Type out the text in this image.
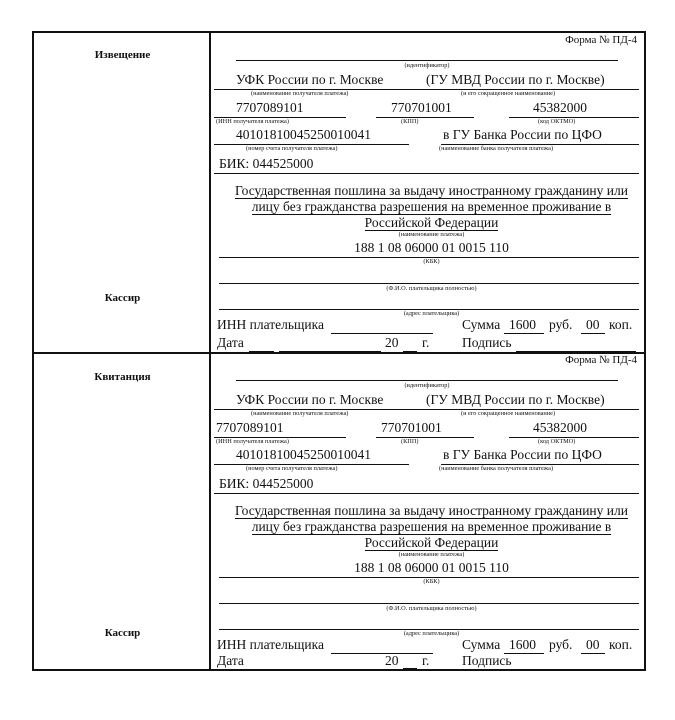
Извещение
Кассир
Форма № ПД-4
(идентификатор)
УФК России по г. Москве	(ГУ МВД России по г. Москве)
(наименование получателя платежа)	(и его сокращенное наименование)
7707089101	770701001	45382000
(ИНН получателя платежа)	(КПП)	(код ОКТМО)
40101810045250010041	в ГУ Банка России по ЦФО
(номер счета получателя платежа)	(наименование банка получателя платежа)
БИК: 044525000
Государственная пошлина за выдачу иностранному гражданину или лицу без гражданства разрешения на временное проживание в Российской Федерации
(наименование платежа)
188 1 08 06000 01 0015 110
(КБК)
(Ф.И.О. плательщика полностью)
(адрес плательщика)
ИНН плательщика	Сумма 1600 руб. 00 коп.
Дата	20 г. Подпись
Квитанция
Кассир
Форма № ПД-4
(идентификатор)
УФК России по г. Москве	(ГУ МВД России по г. Москве)
(наименование получателя платежа)	(и его сокращенное наименование)
7707089101	770701001	45382000
(ИНН получателя платежа)	(КПП)	(код ОКТМО)
40101810045250010041	в ГУ Банка России по ЦФО
(номер счета получателя платежа)	(наименование банка получателя платежа)
БИК: 044525000
Государственная пошлина за выдачу иностранному гражданину или лицу без гражданства разрешения на временное проживание в Российской Федерации
(наименование платежа)
188 1 08 06000 01 0015 110
(КБК)
(Ф.И.О. плательщика полностью)
(адрес плательщика)
ИНН плательщика	Сумма 1600 руб. 00 коп.
Дата	20 г. Подпись
